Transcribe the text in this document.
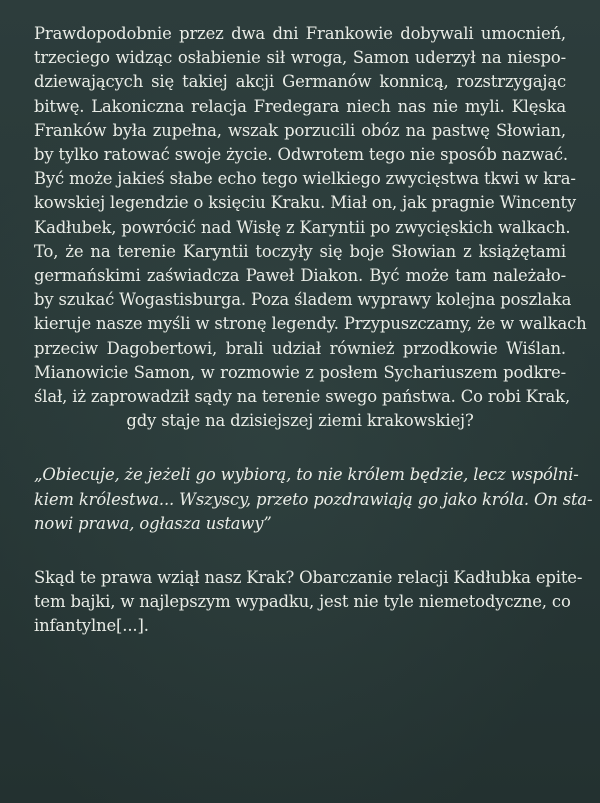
Prawdopodobnie przez dwa dni Frankowie dobywali umocnień,
trzeciego widząc osłabienie sił wroga, Samon uderzył na niespo-
dziewających się takiej akcji Germanów konnicą, rozstrzygając
bitwę. Lakoniczna relacja Fredegara niech nas nie myli. Klęska
Franków była zupełna, wszak porzucili obóz na pastwę Słowian,
by tylko ratować swoje życie. Odwrotem tego nie sposób nazwać.
Być może jakieś słabe echo tego wielkiego zwycięstwa tkwi w kra-
kowskiej legendzie o księciu Kraku. Miał on, jak pragnie Wincenty
Kadłubek, powrócić nad Wisłę z Karyntii po zwycięskich walkach.
To, że na terenie Karyntii toczyły się boje Słowian z książętami
germańskimi zaświadcza Paweł Diakon. Być może tam należało-
by szukać Wogastisburga. Poza śladem wyprawy kolejna poszlaka
kieruje nasze myśli w stronę legendy. Przypuszczamy, że w walkach
przeciw Dagobertowi, brali udział również przodkowie Wiślan.
Mianowicie Samon, w rozmowie z posłem Sychariuszem podkre-
ślał, iż zaprowadził sądy na terenie swego państwa. Co robi Krak,
gdy staje na dzisiejszej ziemi krakowskiej?

„Obiecuje, że jeżeli go wybiorą, to nie królem będzie, lecz wspólni-
kiem królestwa... Wszyscy, przeto pozdrawiają go jako króla. On sta-
nowi prawa, ogłasza ustawy”

Skąd te prawa wziął nasz Krak? Obarczanie relacji Kadłubka epite-
tem bajki, w najlepszym wypadku, jest nie tyle niemetodyczne, co
infantylne[...].
